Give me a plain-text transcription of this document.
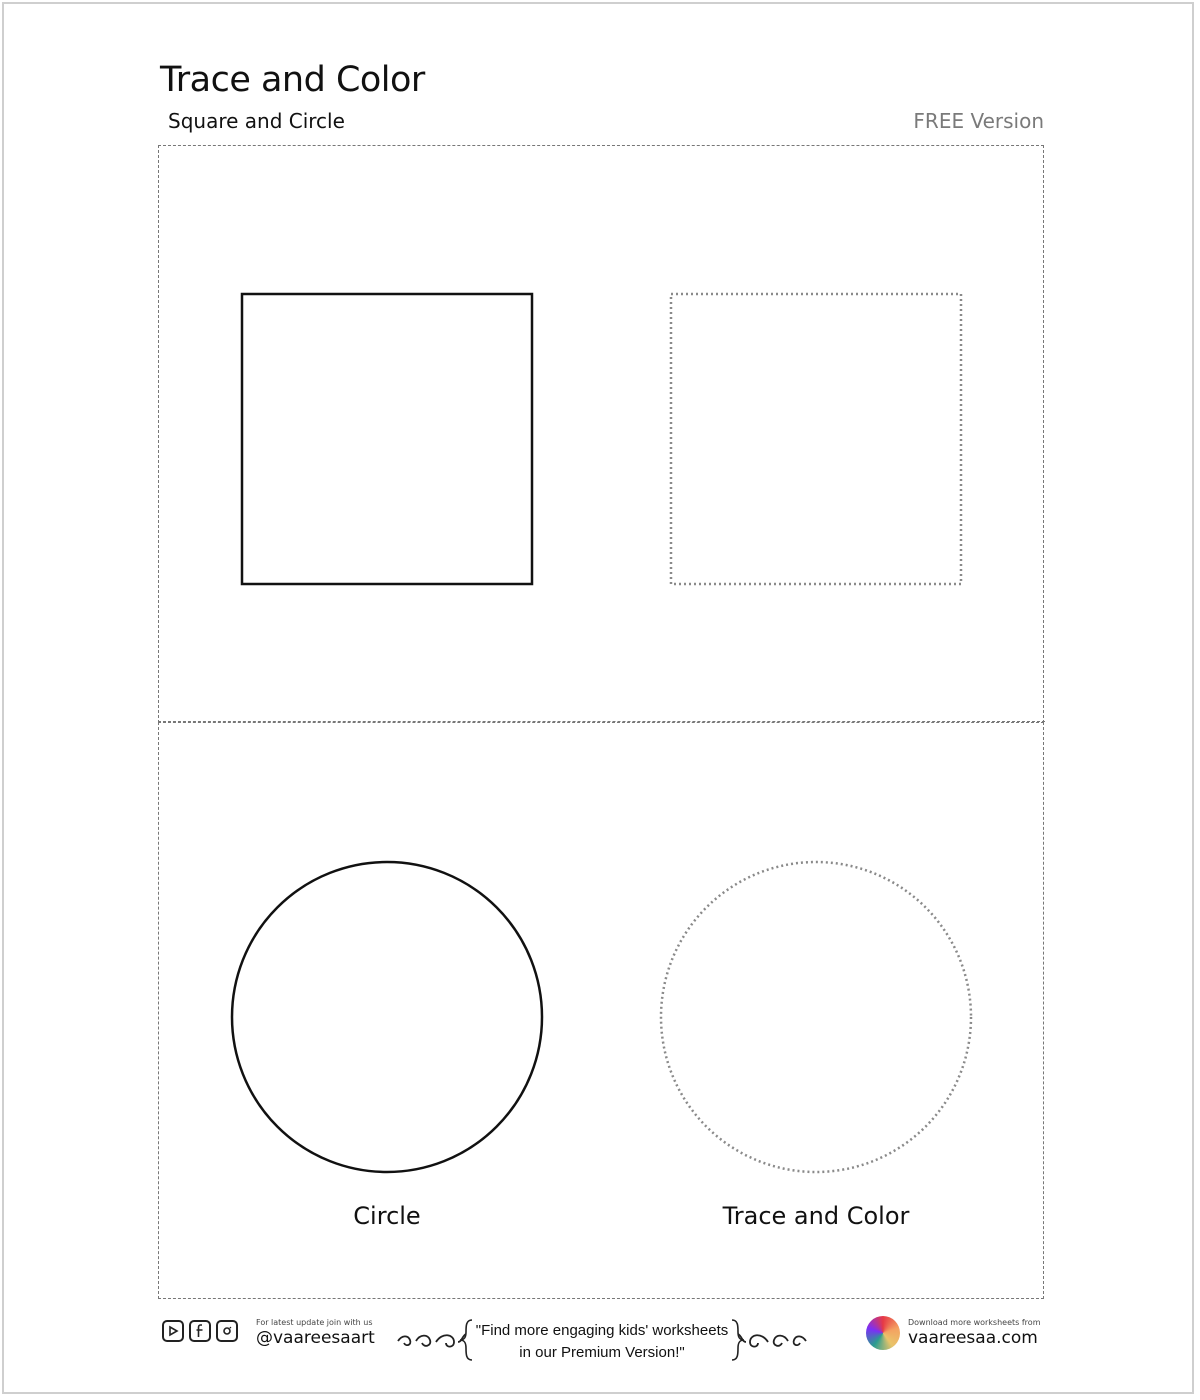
Trace and Color
Square and Circle	FREE Version
Circle	Trace and Color
For latest update join with us
@vaareesaart	"Find more engaging kids' worksheets
in our Premium Version!"
Download more worksheets from
vaareesaa.com
